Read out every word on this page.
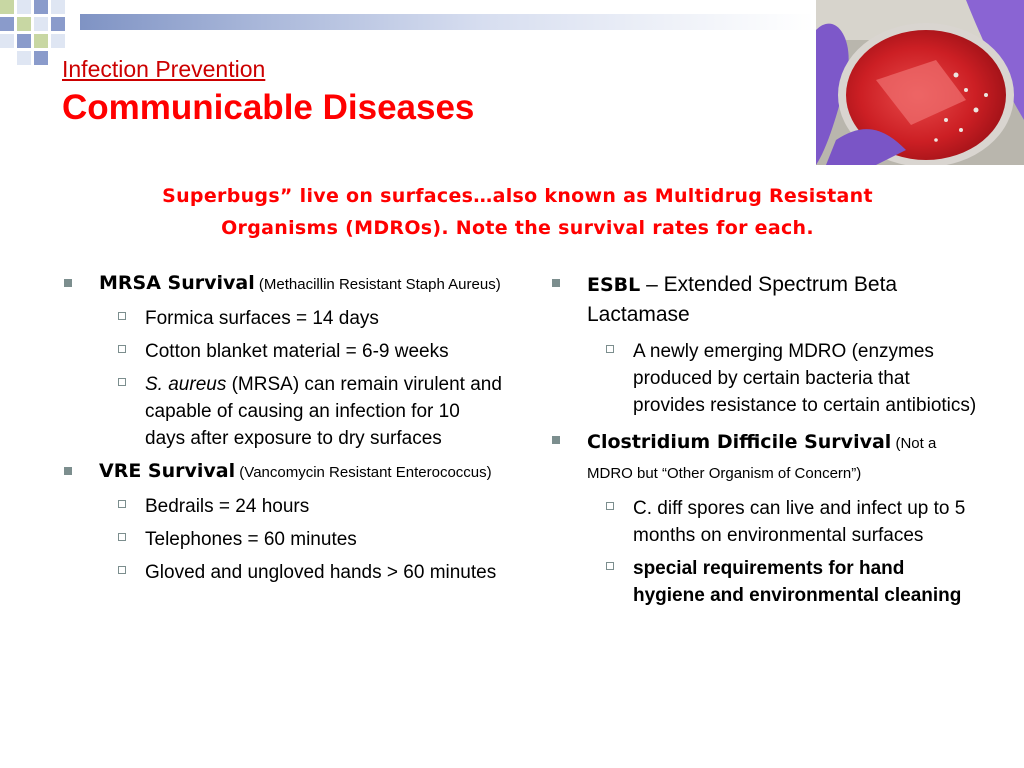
Infection Prevention
Communicable Diseases
Superbugs” live on surfaces…also known as Multidrug Resistant
Organisms (MDROs). Note the survival rates for each.
MRSA Survival (Methacillin Resistant Staph Aureus)
Formica surfaces = 14 days
Cotton blanket material = 6-9 weeks
S. aureus (MRSA) can remain virulent and capable of causing an infection for 10 days after exposure to dry surfaces
VRE Survival (Vancomycin Resistant Enterococcus)
Bedrails = 24 hours
Telephones = 60 minutes
Gloved and ungloved hands > 60 minutes
ESBL – Extended Spectrum Beta Lactamase
A newly emerging MDRO (enzymes produced by certain bacteria that provides resistance to certain antibiotics)
Clostridium Difficile Survival (Not a MDRO but “Other Organism of Concern”)
C. diff spores can live and infect up to 5 months on environmental surfaces
special requirements for hand hygiene and environmental cleaning
